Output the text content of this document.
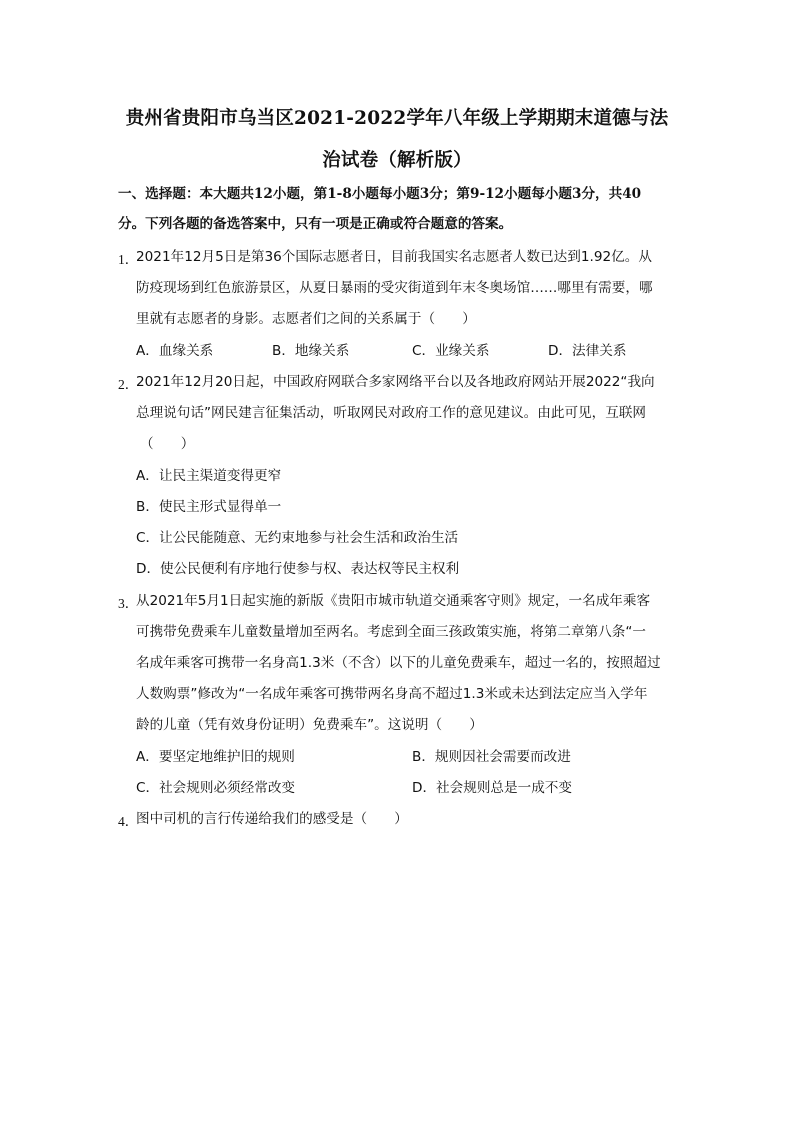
贵州省贵阳市乌当区2021-2022学年八年级上学期期末道德与法
治试卷（解析版）
一、选择题：本大题共12小题，第1-8小题每小题3分；第9-12小题每小题3分，共40
分。下列各题的备选答案中，只有一项是正确或符合题意的答案。
1．
2021年12月5日是第36个国际志愿者日，目前我国实名志愿者人数已达到1.92亿。从
防疫现场到红色旅游景区，从夏日暴雨的受灾街道到年末冬奥场馆……哪里有需要，哪
里就有志愿者的身影。志愿者们之间的关系属于（　　）
A．血缘关系	B．地缘关系	C．业缘关系	D．法律关系
2．
2021年12月20日起，中国政府网联合多家网络平台以及各地政府网站开展2022“我向
总理说句话”网民建言征集活动，听取网民对政府工作的意见建议。由此可见，互联网
（　　）
A．让民主渠道变得更窄
B．使民主形式显得单一
C．让公民能随意、无约束地参与社会生活和政治生活
D．使公民便利有序地行使参与权、表达权等民主权利
3．
从2021年5月1日起实施的新版《贵阳市城市轨道交通乘客守则》规定，一名成年乘客
可携带免费乘车儿童数量增加至两名。考虑到全面三孩政策实施，将第二章第八条“一
名成年乘客可携带一名身高1.3米（不含）以下的儿童免费乘车，超过一名的，按照超过
人数购票”修改为“一名成年乘客可携带两名身高不超过1.3米或未达到法定应当入学年
龄的儿童（凭有效身份证明）免费乘车”。这说明（　　）
A．要坚定地维护旧的规则	B．规则因社会需要而改进
C．社会规则必须经常改变	D．社会规则总是一成不变
4．
图中司机的言行传递给我们的感受是（　　）
